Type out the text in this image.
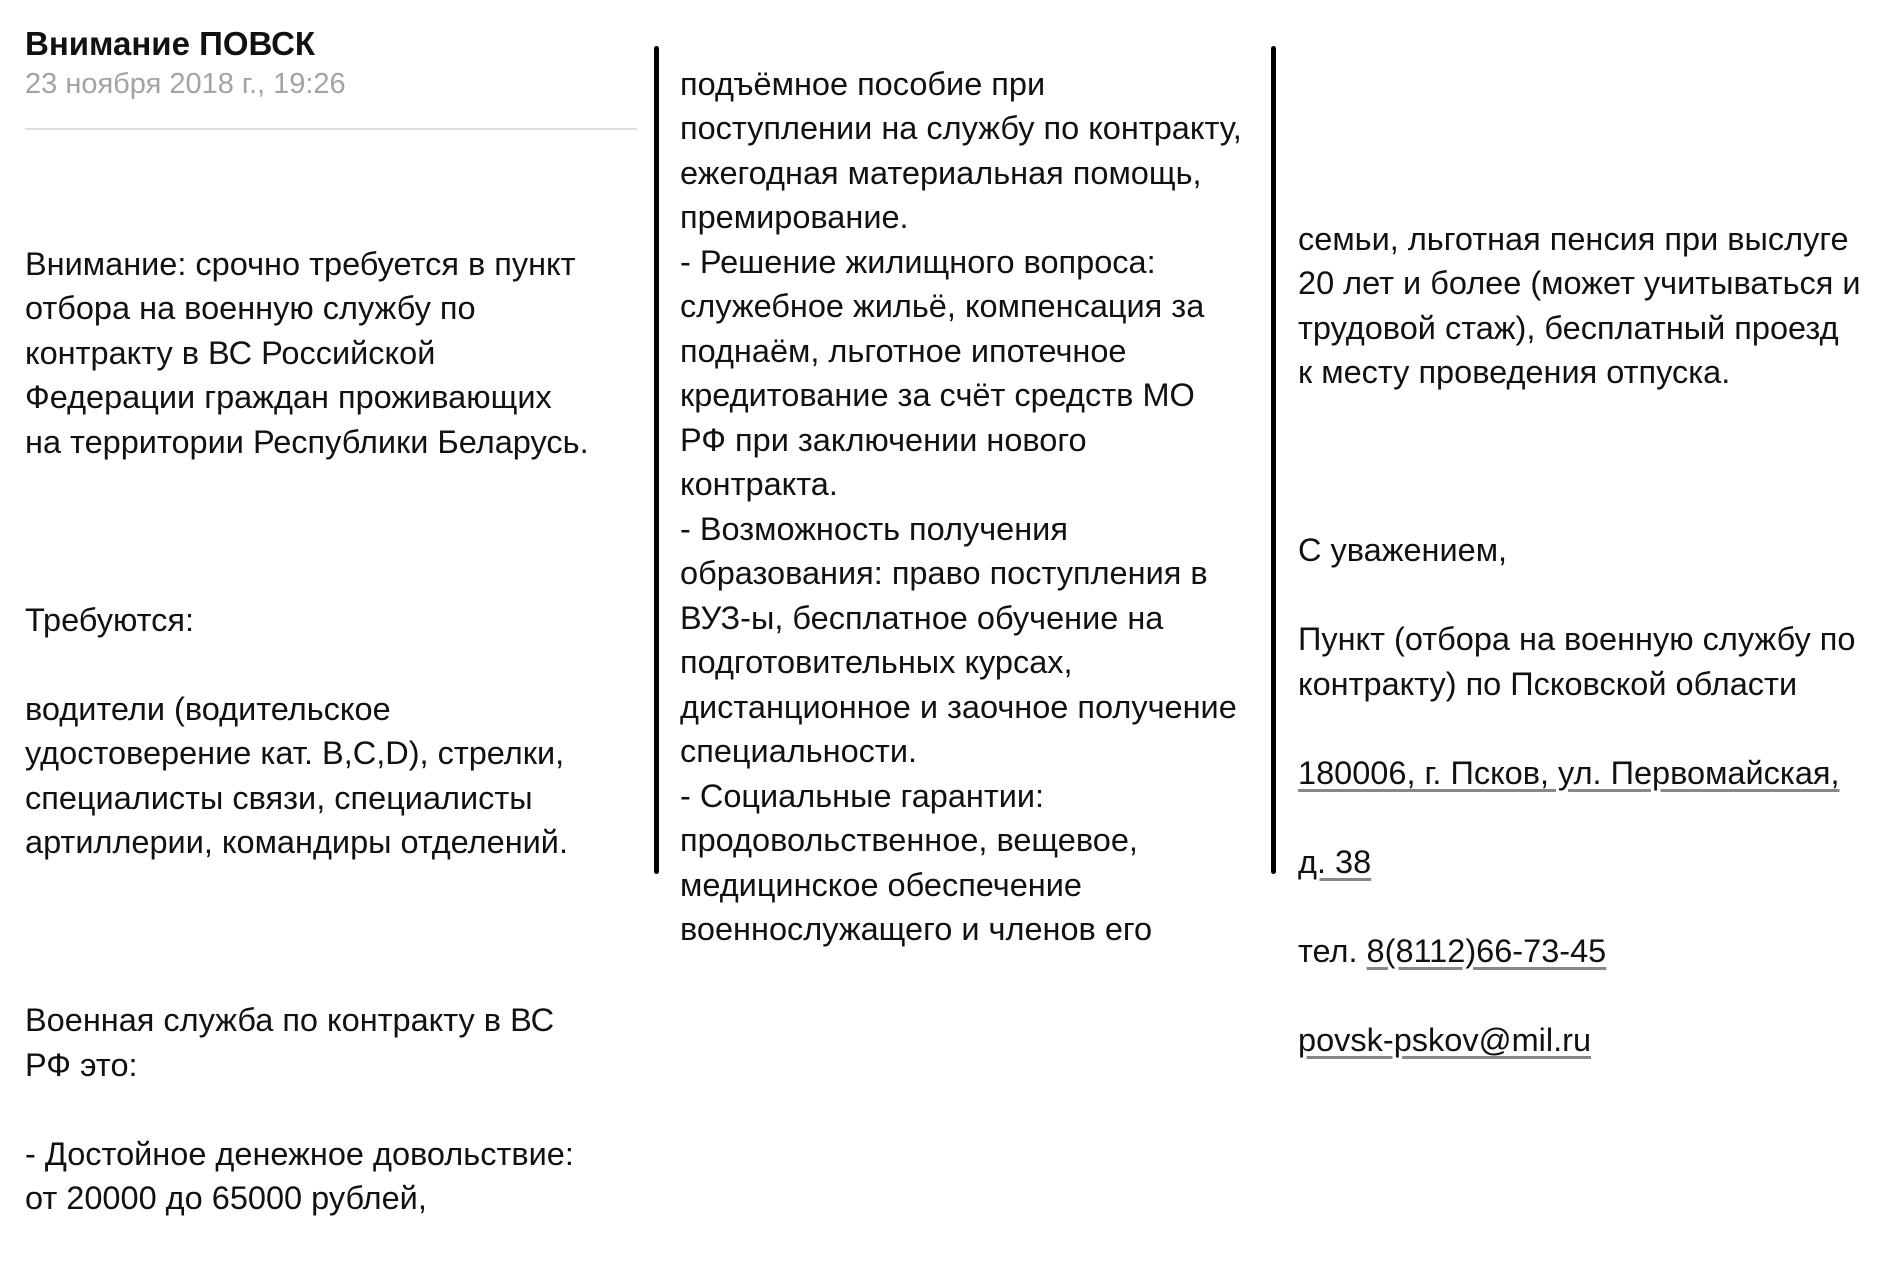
Внимание ПОВСК
23 ноября 2018 г., 19:26

Внимание: срочно требуется в пункт
отбора на военную службу по
контракту в ВС Российской
Федерации граждан проживающих
на территории Республики Беларусь.

Требуются:

водители (водительское
удостоверение кат. B,C,D), стрелки,
специалисты связи, специалисты
артиллерии, командиры отделений.

Военная служба по контракту в ВС
РФ это:

- Достойное денежное довольствие:
от 20000 до 65000 рублей,

подъёмное пособие при
поступлении на службу по контракту,
ежегодная материальная помощь,
премирование.
- Решение жилищного вопроса:
служебное жильё, компенсация за
поднаём, льготное ипотечное
кредитование за счёт средств МО
РФ при заключении нового
контракта.
- Возможность получения
образования: право поступления в
ВУЗ-ы, бесплатное обучение на
подготовительных курсах,
дистанционное и заочное получение
специальности.
- Социальные гарантии:
продовольственное, вещевое,
медицинское обеспечение
военнослужащего и членов его

семьи, льготная пенсия при выслуге
20 лет и более (может учитываться и
трудовой стаж), бесплатный проезд
к месту проведения отпуска.

С уважением,

Пункт (отбора на военную службу по
контракту) по Псковской области

180006, г. Псков, ул. Первомайская,

д. 38

тел. 8(8112)66-73-45

povsk-pskov@mil.ru
